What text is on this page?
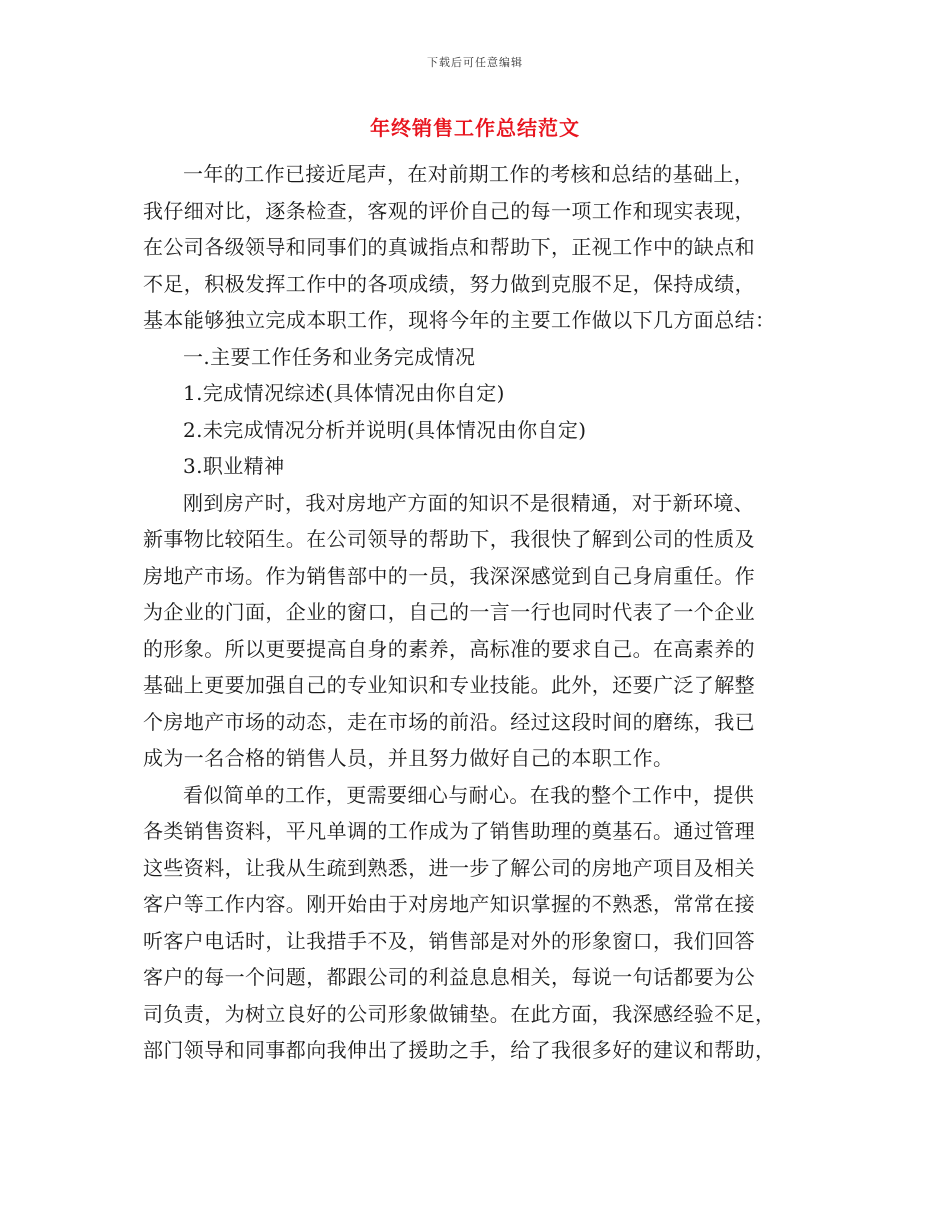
下载后可任意编辑
年终销售工作总结范文

一年的工作已接近尾声，在对前期工作的考核和总结的基础上，
我仔细对比，逐条检查，客观的评价自己的每一项工作和现实表现，
在公司各级领导和同事们的真诚指点和帮助下，正视工作中的缺点和
不足，积极发挥工作中的各项成绩，努力做到克服不足，保持成绩，
基本能够独立完成本职工作，现将今年的主要工作做以下几方面总结：

一.主要工作任务和业务完成情况

1.完成情况综述(具体情况由你自定)

2.未完成情况分析并说明(具体情况由你自定)

3.职业精神

刚到房产时，我对房地产方面的知识不是很精通，对于新环境、
新事物比较陌生。在公司领导的帮助下，我很快了解到公司的性质及
房地产市场。作为销售部中的一员，我深深感觉到自己身肩重任。作
为企业的门面，企业的窗口，自己的一言一行也同时代表了一个企业
的形象。所以更要提高自身的素养，高标准的要求自己。在高素养的
基础上更要加强自己的专业知识和专业技能。此外，还要广泛了解整
个房地产市场的动态，走在市场的前沿。经过这段时间的磨练，我已
成为一名合格的销售人员，并且努力做好自己的本职工作。

看似简单的工作，更需要细心与耐心。在我的整个工作中，提供
各类销售资料，平凡单调的工作成为了销售助理的奠基石。通过管理
这些资料，让我从生疏到熟悉，进一步了解公司的房地产项目及相关
客户等工作内容。刚开始由于对房地产知识掌握的不熟悉，常常在接
听客户电话时，让我措手不及，销售部是对外的形象窗口，我们回答
客户的每一个问题，都跟公司的利益息息相关，每说一句话都要为公
司负责，为树立良好的公司形象做铺垫。在此方面，我深感经验不足，
部门领导和同事都向我伸出了援助之手，给了我很多好的建议和帮助，
